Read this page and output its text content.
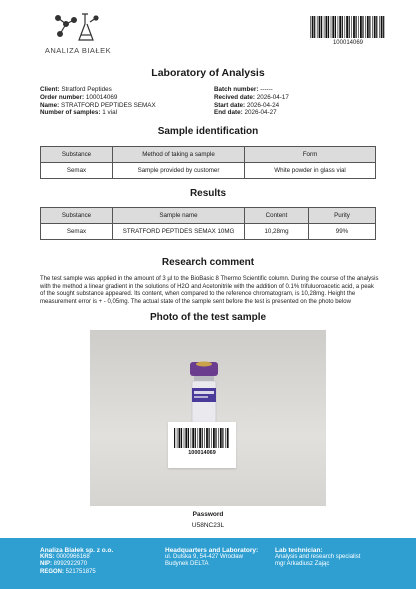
ANALIZA BIAŁEK
100014069
Laboratory of Analysis
Client: Stratford Peptides
Order number: 100014069
Name: STRATFORD PEPTIDES SEMAX
Number of samples: 1 vial
Batch number: ------
Recived date: 2026-04-17
Start date: 2026-04-24
End date: 2026-04-27
Sample identification
Substance	Method of taking a sample	Form
Semax	Sample provided by customer	White powder in glass vial
Results
Substance	Sample name	Content	Purity
Semax	STRATFORD PEPTIDES SEMAX 10MG	10,28mg	99%
Research comment
The test sample was applied in the amount of 3 µl to the BioBasic 8 Thermo Scientific column. During the course of the analysis with the method a linear gradient in the solutions of H2O and Acetonitrile with the addition of 0.1% trifuluoroacetic acid, a peak of the sought substance appeared. Its content, when compared to the reference chromatogram, is 10,28mg. Height the measurement error is + - 0,05mg. The actual state of the sample sent before the test is presented on the photo below
Photo of the test sample
100014069
Password
U58NC23L
Analiza Białek sp. z o.o.
KRS: 0000966168
NIP: 8992922970
REGON: 521751875
Headquarters and Laboratory:
ul. Dulska 9, 54-427 Wrocław
Budynek DELTA
Lab technician:
Analysis and research specialist
mgr Arkadiusz Zając
